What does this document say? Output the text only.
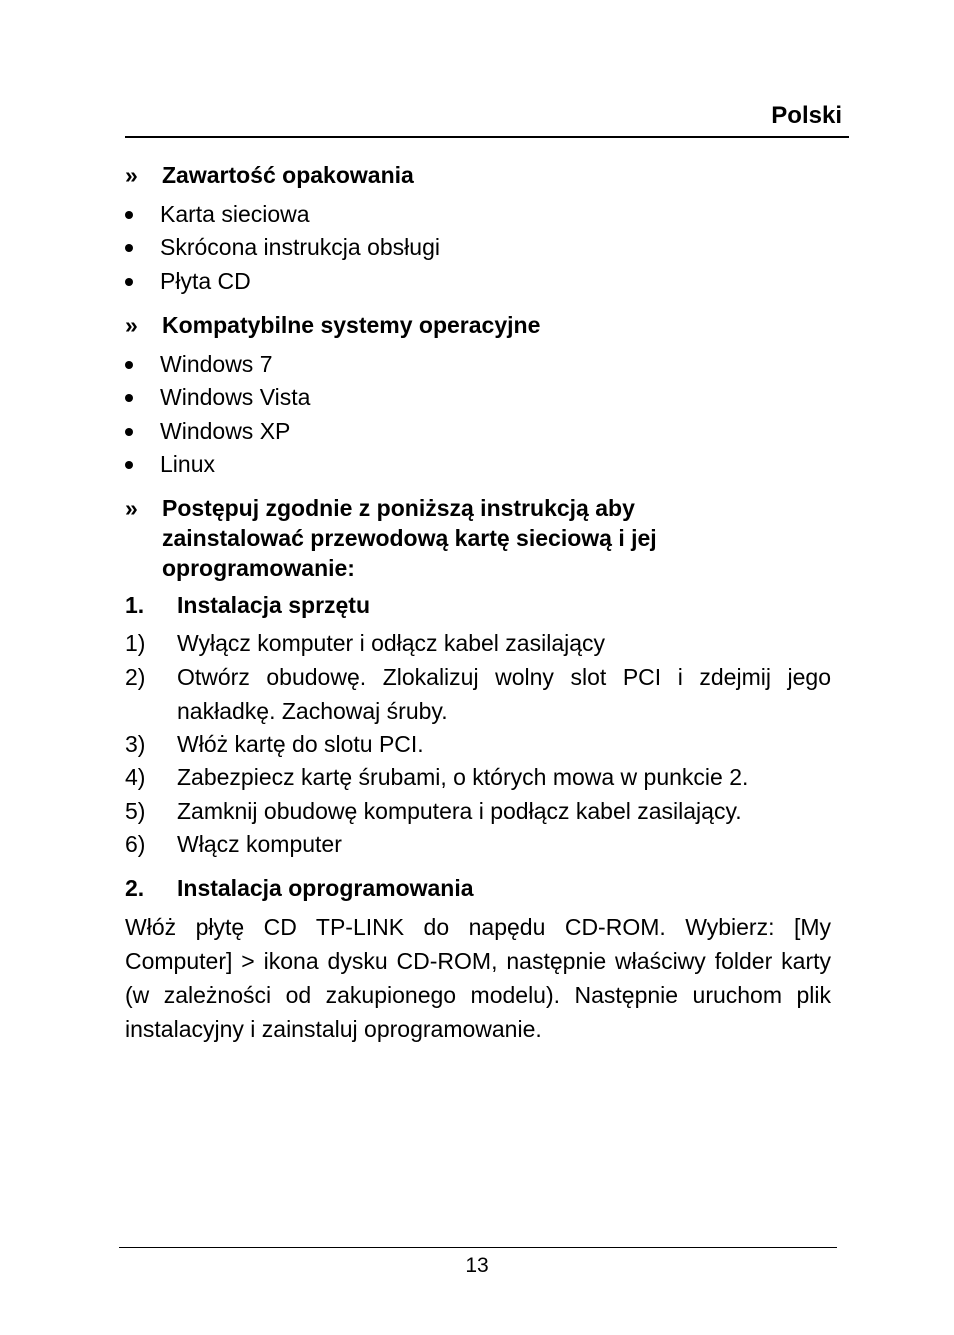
Polski
»	Zawartość opakowania
Karta sieciowa
Skrócona instrukcja obsługi
Płyta CD
»	Kompatybilne systemy operacyjne
Windows 7
Windows Vista
Windows XP
Linux
»	Postępuj zgodnie z poniższą instrukcją aby zainstalować przewodową kartę sieciową i jej oprogramowanie:
1. Instalacja sprzętu
1)	Wyłącz komputer i odłącz kabel zasilający
2)	Otwórz obudowę. Zlokalizuj wolny slot PCI i zdejmij jego nakładkę. Zachowaj śruby.
3)	Włóż kartę do slotu PCI.
4)	Zabezpiecz kartę śrubami, o których mowa w punkcie 2.
5)	Zamknij obudowę komputera i podłącz kabel zasilający.
6)	Włącz komputer
2. Instalacja oprogramowania
Włóż płytę CD TP-LINK do napędu CD-ROM. Wybierz: [My Computer] > ikona dysku CD-ROM, następnie właściwy folder karty (w zależności od zakupionego modelu). Następnie uruchom plik instalacyjny i zainstaluj oprogramowanie.
13
